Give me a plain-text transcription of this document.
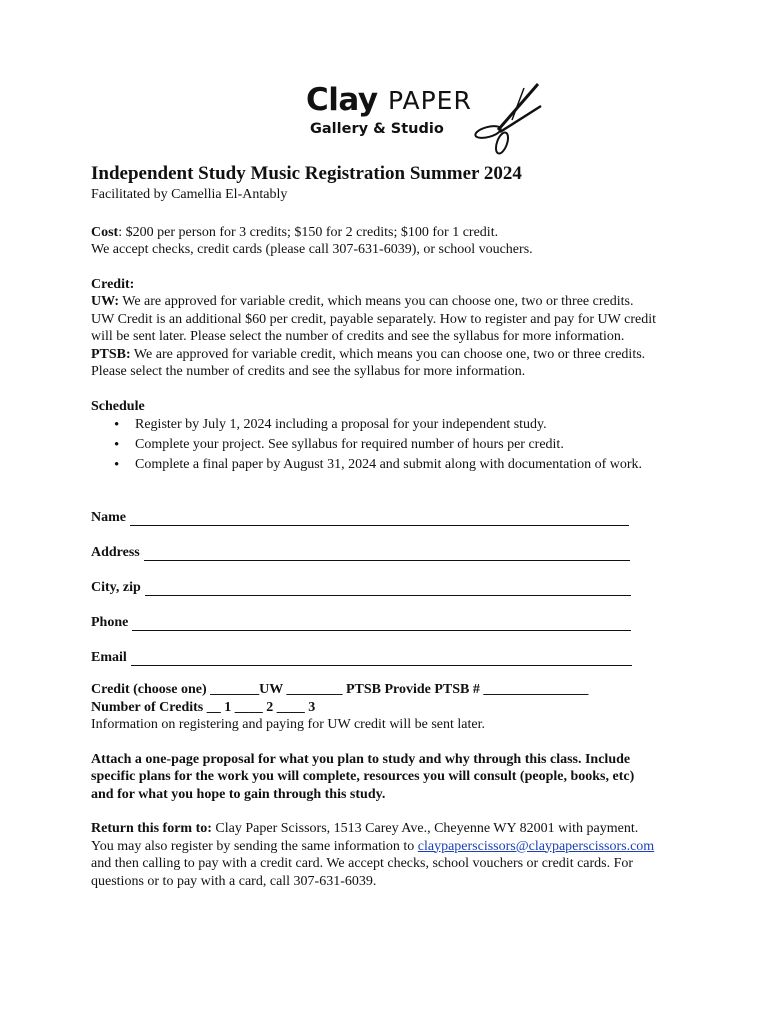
Clay PAPER
Gallery & Studio
Independent Study Music Registration Summer 2024

Facilitated by Camellia El-Antably

Cost: $200 per person for 3 credits; $150 for 2 credits; $100 for 1 credit.

We accept checks, credit cards (please call 307-631-6039), or school vouchers.

Credit:

UW: We are approved for variable credit, which means you can choose one, two or three credits.

UW Credit is an additional $60 per credit, payable separately. How to register and pay for UW credit

will be sent later. Please select the number of credits and see the syllabus for more information.

PTSB: We are approved for variable credit, which means you can choose one, two or three credits.

Please select the number of credits and see the syllabus for more information.

Schedule

• Register by July 1, 2024 including a proposal for your independent study.
• Complete your project. See syllabus for required number of hours per credit.
• Complete a final paper by August 31, 2024 and submit along with documentation of work.
Name
Address
City, zip
Phone
Email

Credit (choose one) _______UW ________ PTSB Provide PTSB # _______________

Number of Credits __ 1 ____ 2 ____ 3

Information on registering and paying for UW credit will be sent later.

Attach a one-page proposal for what you plan to study and why through this class. Include

specific plans for the work you will complete, resources you will consult (people, books, etc)

and for what you hope to gain through this study.

Return this form to: Clay Paper Scissors, 1513 Carey Ave., Cheyenne WY 82001 with payment.

You may also register by sending the same information to claypaperscissors@claypaperscissors.com

and then calling to pay with a credit card. We accept checks, school vouchers or credit cards. For

questions or to pay with a card, call 307-631-6039.
